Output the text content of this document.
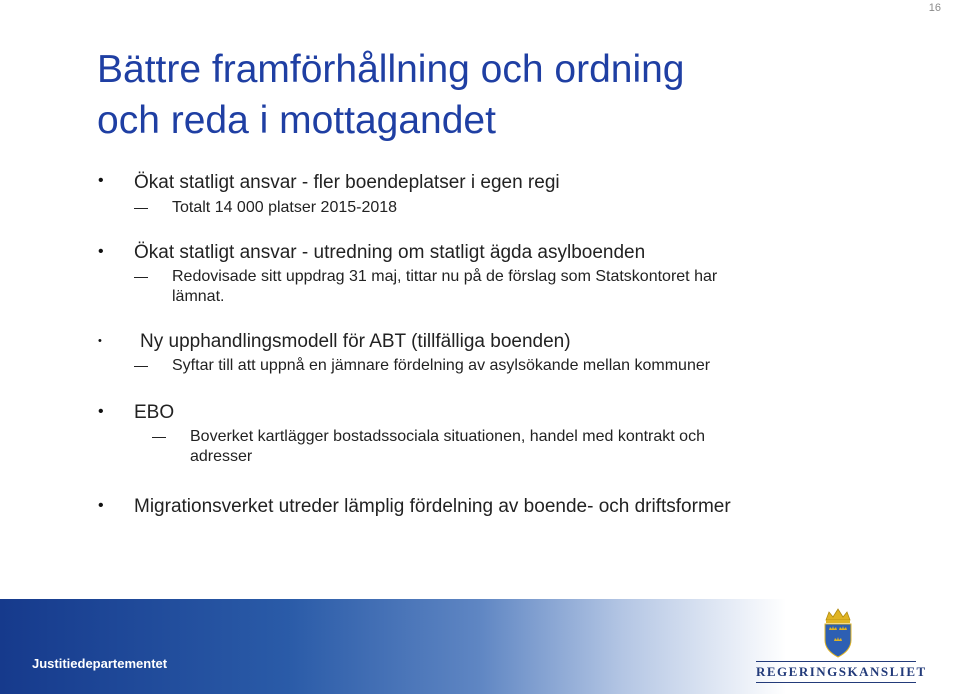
16
Bättre framförhållning och ordning
och reda i mottagandet
• Ökat statligt ansvar - fler boendeplatser i egen regi

Totalt 14 000 platser 2015-2018

• Ökat statligt ansvar - utredning om statligt ägda asylboenden

Redovisade sitt uppdrag 31 maj, tittar nu på de förslag som Statskontoret har

lämnat.

• Ny upphandlingsmodell för ABT (tillfälliga boenden)

Syftar till att uppnå en jämnare fördelning av asylsökande mellan kommuner

• EBO

Boverket kartlägger bostadssociala situationen, handel med kontrakt och

adresser

• Migrationsverket utreder lämplig fördelning av boende- och driftsformer

Justitiedepartementet
REGERINGSKANSLIET
